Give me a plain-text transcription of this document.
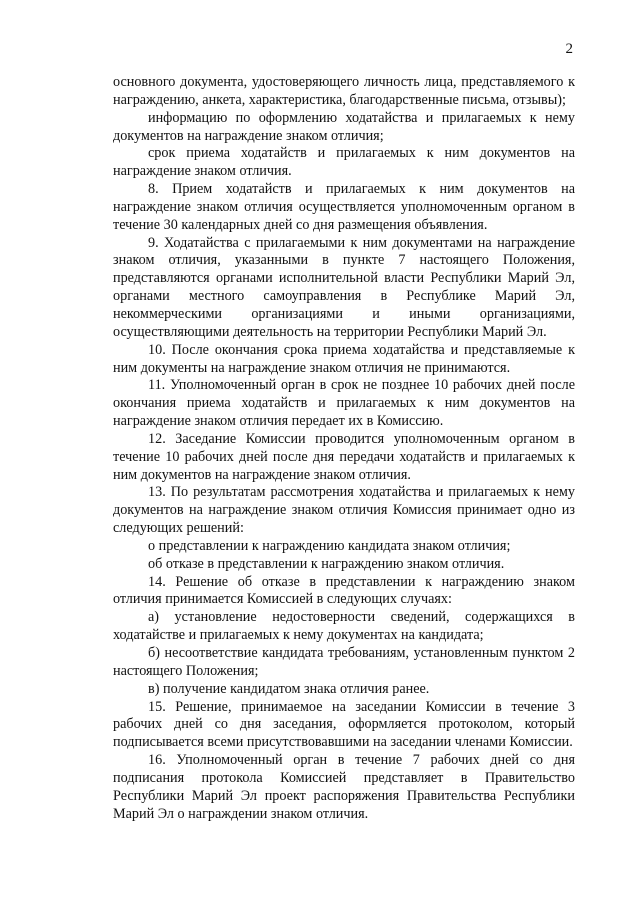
2

основного документа, удостоверяющего личность лица, представляемого к награждению, анкета, характеристика, благодарственные письма, отзывы);

информацию по оформлению ходатайства и прилагаемых к нему документов на награждение знаком отличия;

срок приема ходатайств и прилагаемых к ним документов на награждение знаком отличия.

8. Прием ходатайств и прилагаемых к ним документов на награждение знаком отличия осуществляется уполномоченным органом в течение 30 календарных дней со дня размещения объявления.

9. Ходатайства с прилагаемыми к ним документами на награждение знаком отличия, указанными в пункте 7 настоящего Положения, представляются органами исполнительной власти Республики Марий Эл, органами местного самоуправления в Республике Марий Эл, некоммерческими организациями и иными организациями, осуществляющими деятельность на территории Республики Марий Эл.

10. После окончания срока приема ходатайства и представляемые к ним документы на награждение знаком отличия не принимаются.

11. Уполномоченный орган в срок не позднее 10 рабочих дней после окончания приема ходатайств и прилагаемых к ним документов на награждение знаком отличия передает их в Комиссию.

12. Заседание Комиссии проводится уполномоченным органом в течение 10 рабочих дней после дня передачи ходатайств и прилагаемых к ним документов на награждение знаком отличия.

13. По результатам рассмотрения ходатайства и прилагаемых к нему документов на награждение знаком отличия Комиссия принимает одно из следующих решений:

о представлении к награждению кандидата знаком отличия;

об отказе в представлении к награждению знаком отличия.

14. Решение об отказе в представлении к награждению знаком отличия принимается Комиссией в следующих случаях:

а) установление недостоверности сведений, содержащихся в ходатайстве и прилагаемых к нему документах на кандидата;

б) несоответствие кандидата требованиям, установленным пунктом 2 настоящего Положения;

в) получение кандидатом знака отличия ранее.

15. Решение, принимаемое на заседании Комиссии в течение 3 рабочих дней со дня заседания, оформляется протоколом, который подписывается всеми присутствовавшими на заседании членами Комиссии.

16. Уполномоченный орган в течение 7 рабочих дней со дня подписания протокола Комиссией представляет в Правительство Республики Марий Эл проект распоряжения Правительства Республики Марий Эл о награждении знаком отличия.
